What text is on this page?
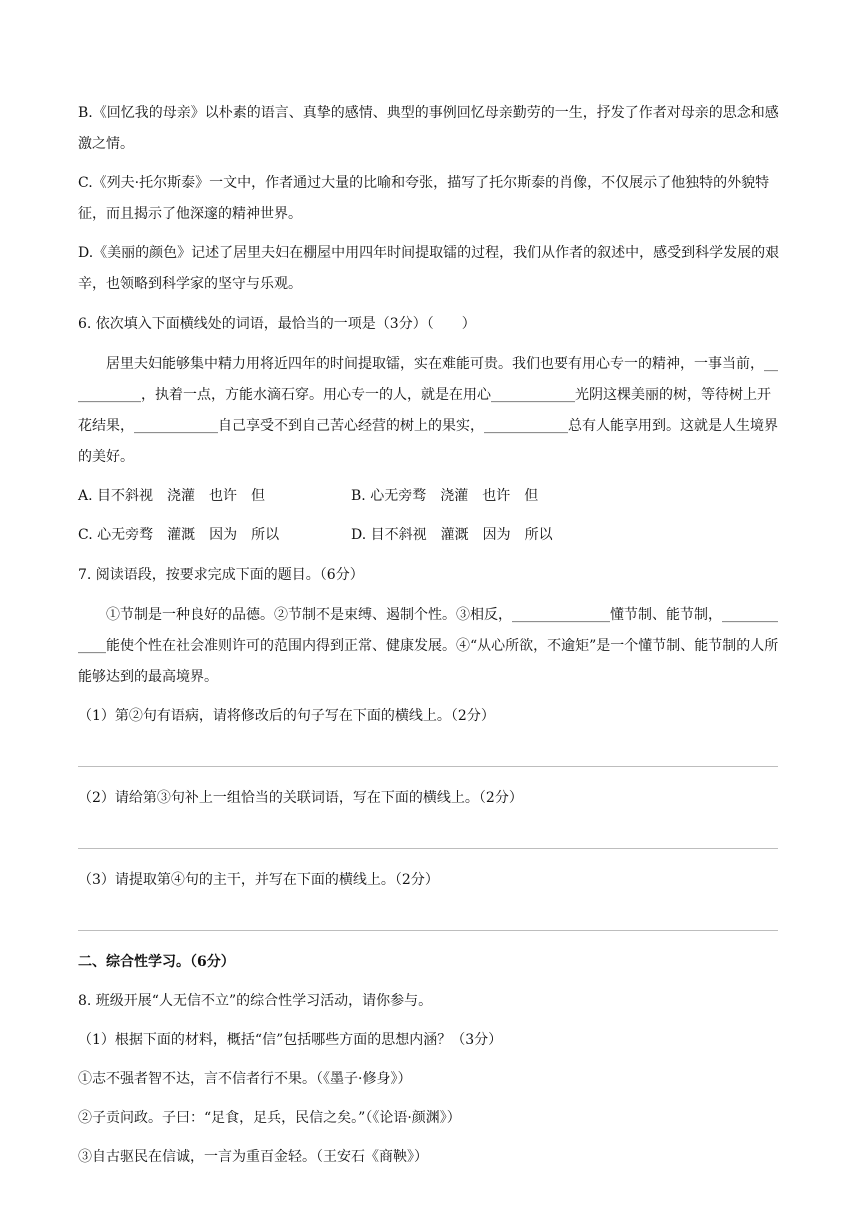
B.《回忆我的母亲》以朴素的语言、真挚的感情、典型的事例回忆母亲勤劳的一生，抒发了作者对母亲的思念和感激之情。

C.《列夫·托尔斯泰》一文中，作者通过大量的比喻和夸张，描写了托尔斯泰的肖像，不仅展示了他独特的外貌特征，而且揭示了他深邃的精神世界。

D.《美丽的颜色》记述了居里夫妇在棚屋中用四年时间提取镭的过程，我们从作者的叙述中，感受到科学发展的艰辛，也领略到科学家的坚守与乐观。

6. 依次填入下面横线处的词语，最恰当的一项是（3分）（　　）

居里夫妇能够集中精力用将近四年的时间提取镭，实在难能可贵。我们也要有用心专一的精神，一事当前，___________，执着一点，方能水滴石穿。用心专一的人，就是在用心____________光阴这棵美丽的树，等待树上开花结果，____________自己享受不到自己苦心经营的树上的果实，____________总有人能享用到。这就是人生境界的美好。

A. 目不斜视　浇灌　也许　但	B. 心无旁骛　浇灌　也许　但
C. 心无旁骛　灌溉　因为　所以	D. 目不斜视　灌溉　因为　所以

7. 阅读语段，按要求完成下面的题目。（6分）

①节制是一种良好的品德。②节制不是束缚、遏制个性。③相反，______________懂节制、能节制，____________能使个性在社会准则许可的范围内得到正常、健康发展。④“从心所欲，不逾矩”是一个懂节制、能节制的人所能够达到的最高境界。

（1）第②句有语病，请将修改后的句子写在下面的横线上。（2分）

（2）请给第③句补上一组恰当的关联词语，写在下面的横线上。（2分）

（3）请提取第④句的主干，并写在下面的横线上。（2分）

二、综合性学习。（6分）

8. 班级开展“人无信不立”的综合性学习活动，请你参与。

（1）根据下面的材料，概括“信”包括哪些方面的思想内涵？（3分）

①志不强者智不达，言不信者行不果。（《墨子·修身》）

②子贡问政。子曰：“足食，足兵，民信之矣。”（《论语·颜渊》）

③自古驱民在信诚，一言为重百金轻。（王安石《商鞅》）
